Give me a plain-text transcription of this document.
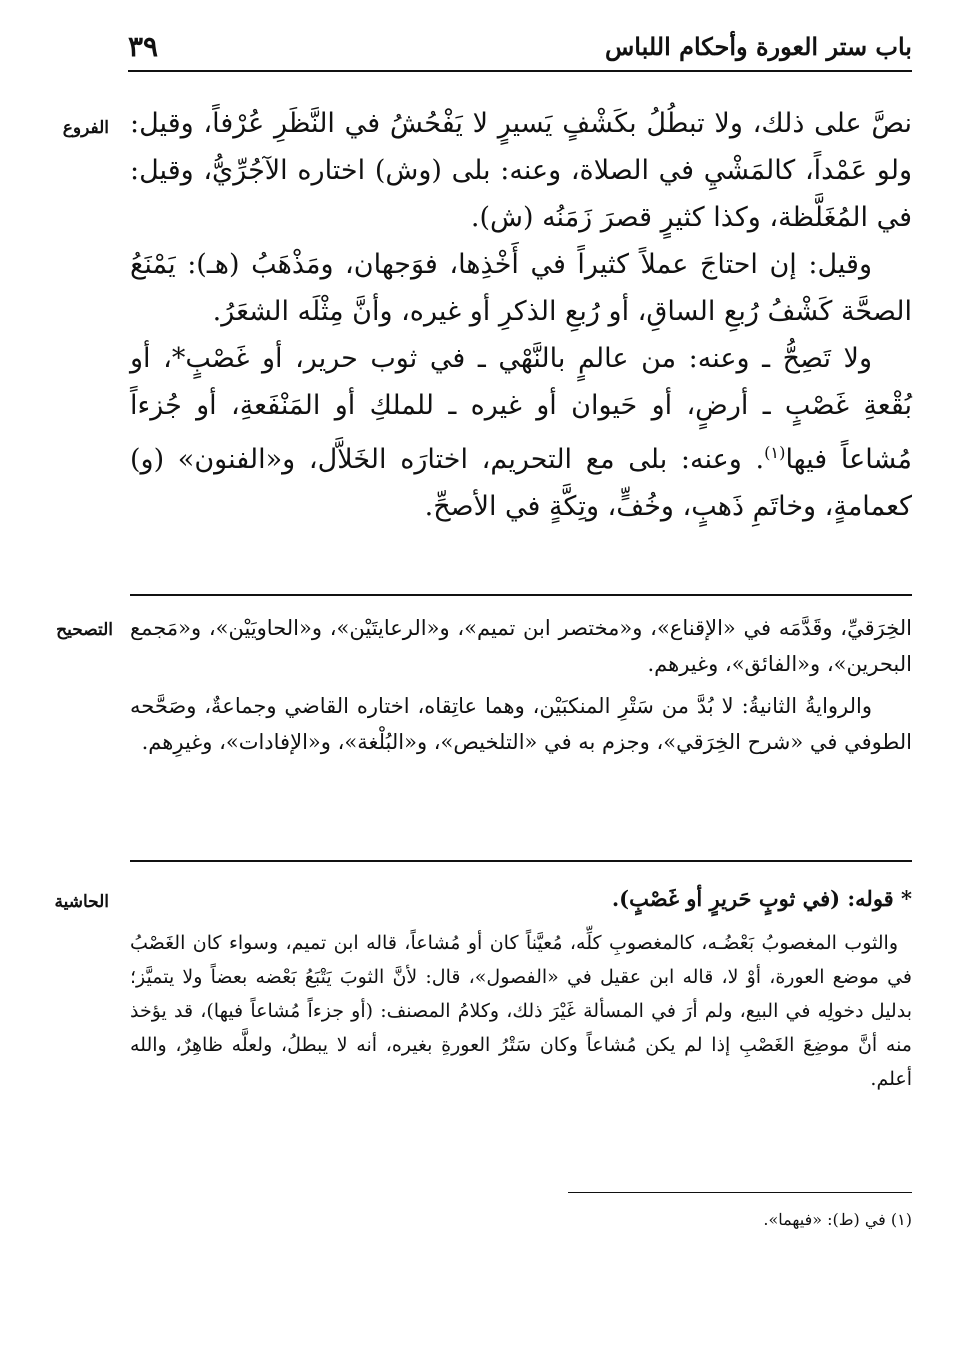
باب ستر العورة وأحكام اللباس
٣٩
الفروع
التصحيح
الحاشية

نصَّ على ذلك، ولا تبطُلُ بكَشْفٍ يَسيرٍ لا يَفْحُشُ في النَّظَرِ عُرْفاً، وقيل: ولو عَمْداً، كالمَشْيِ في الصلاة، وعنه: بلى (وش) اختاره الآجُرِّيُّ، وقيل: في المُغَلَّظة، وكذا كثيرٍ قصرَ زَمَنُه (ش).

وقيل: إن احتاجَ عملاً كثيراً في أَخْذِها، فوَجهان، ومَذْهَبُ (هـ): يَمْنَعُ الصحَّة كَشْفُ رُبعِ الساقِ، أو رُبعِ الذكرِ أو غيره، وأنَّ مِثْلَه الشعَرُ.

ولا تَصِحُّ ـ وعنه: من عالمٍ بالنَّهْي ـ في ثوب حرير، أو غَصْبٍ*، أو بُقْعةِ غَصْبٍ ـ أرضٍ، أو حَيوان أو غيره ـ للملكِ أو المَنْفَعةِ، أو جُزءاً مُشاعاً فيها$^{(١)}$. وعنه: بلى مع التحريم، اختارَه الخَلاَّل، و«الفنون» (و) كعمامةٍ، وخاتَمِ ذَهبٍ، وخُفٍّ، وتِكَّةٍ في الأصحِّ.

الخِرَقيِّ، وقَدَّمَه في «الإقناع»، و«مختصر ابن تميم»، و«الرعايتَيْن»، و«الحاويَيْن»، و«مَجمع البحرين»، و«الفائق»، وغيرهم.

والروايةُ الثانيةُ: لا بُدَّ من سَتْرِ المنكبَيْن، وهما عاتِقاه، اختاره القاضي وجماعةٌ، وصَحَّحه الطوفي في «شرح الخِرَقي»، وجزم به في «التلخيص»، و«البُلْغة»، و«الإفادات»، وغيرِهم.

* قوله: (في ثوبٍ حَريرٍ أو غَصْبٍ).

والثوب المغصوبُ بَعْضُـه، كالمغصوبِ كلِّه، مُعيَّناً كان أو مُشاعاً، قاله ابن تميم، وسواء كان الغَصْبُ في موضع العورة، أوْ لا، قاله ابن عقيل في «الفصول»، قال: لأنَّ الثوبَ يَتْبَعُ بَعْضه بعضاً ولا يتميَّز؛ بدليل دخولِه في البيع، ولم أرَ في المسألة غَيْرَ ذلك، وكلامُ المصنف: (أو جزءاً مُشاعاً فيها)، قد يؤخذ منه أنَّ موضِعَ الغَصْبِ إذا لم يكن مُشاعاً وكان سَتْرُ العورةِ بغيره، أنه لا يبطلُ، ولعلَّه ظاهِرٌ، والله أعلم.

(١) في (ط): «فيهما».
